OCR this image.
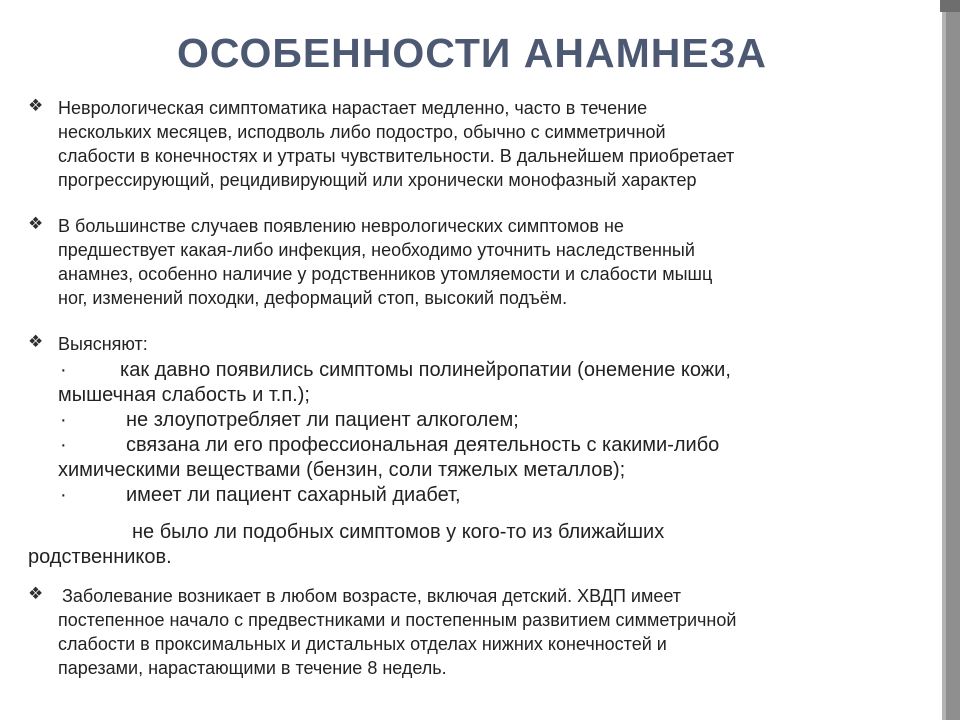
ОСОБЕННОСТИ АНАМНЕЗА
❖ Неврологическая симптоматика нарастает медленно, часто в течение
нескольких месяцев, исподволь либо подостро, обычно с симметричной
слабости в конечностях и утраты чувствительности. В дальнейшем приобретает
прогрессирующий, рецидивирующий или хронически монофазный характер
❖ В большинстве случаев появлению неврологических симптомов не
предшествует какая-либо инфекция, необходимо уточнить наследственный
анамнез, особенно наличие у родственников утомляемости и слабости мышц
ног, изменений походки, деформаций стоп, высокий подъём.
❖ Выясняют:
·	как давно появились симптомы полинейропатии (онемение кожи,
мышечная слабость и т.п.);
·	не злоупотребляет ли пациент алкоголем;
·	связана ли его профессиональная деятельность с какими-либо
химическими веществами (бензин, соли тяжелых металлов);
·	имеет ли пациент сахарный диабет,
не было ли подобных симптомов у кого-то из ближайших
родственников.
❖ Заболевание возникает в любом возрасте, включая детский. ХВДП имеет
постепенное начало с предвестниками и постепенным развитием симметричной
слабости в проксимальных и дистальных отделах нижних конечностей и
парезами, нарастающими в течение 8 недель.
